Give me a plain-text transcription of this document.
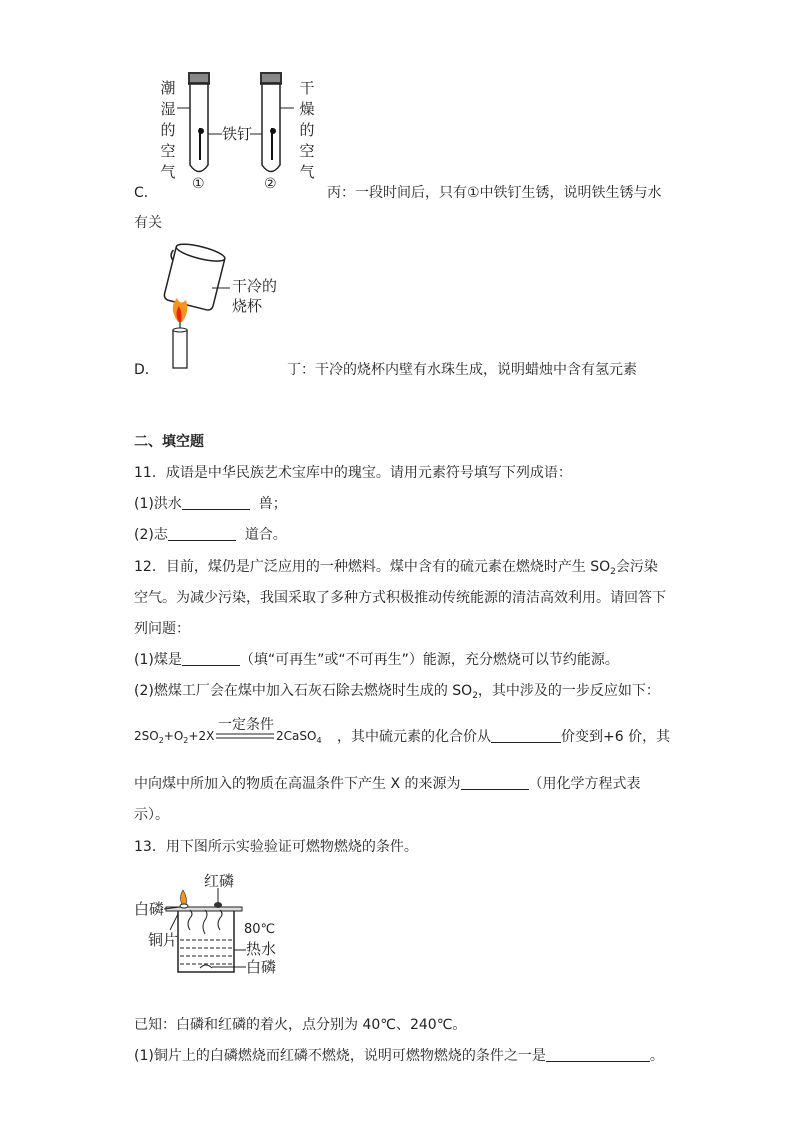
潮湿的空气
干燥的空气
铁钉
①	②
C．	丙：一段时间后，只有①中铁钉生锈，说明铁生锈与水
有关
干冷的
烧杯
D．	丁：干冷的烧杯内壁有水珠生成，说明蜡烛中含有氢元素
二、填空题
11．成语是中华民族艺术宝库中的瑰宝。请用元素符号填写下列成语：
(1)洪水	兽；
(2)志	道合。
12．目前，煤仍是广泛应用的一种燃料。煤中含有的硫元素在燃烧时产生 $SO_2$会污染
空气。为减少污染，我国采取了多种方式积极推动传统能源的清洁高效利用。请回答下
列问题：
(1)煤是	（填“可再生”或“不可再生”）能源，充分燃烧可以节约能源。
(2)燃煤工厂会在煤中加入石灰石除去燃烧时生成的 $SO_2$，其中涉及的一步反应如下：
一定条件
$2SO_2+O_2+2X$	2CaSO$_4$ ，其中硫元素的化合价从	价变到+6 价，其
中向煤中所加入的物质在高温条件下产生 X 的来源为	（用化学方程式表
示）。
13．用下图所示实验验证可燃物燃烧的条件。
红磷
白磷
铜片
80℃
热水
白磷
已知：白磷和红磷的着火，点分别为 40℃、240℃。
(1)铜片上的白磷燃烧而红磷不燃烧，说明可燃物燃烧的条件之一是	。
